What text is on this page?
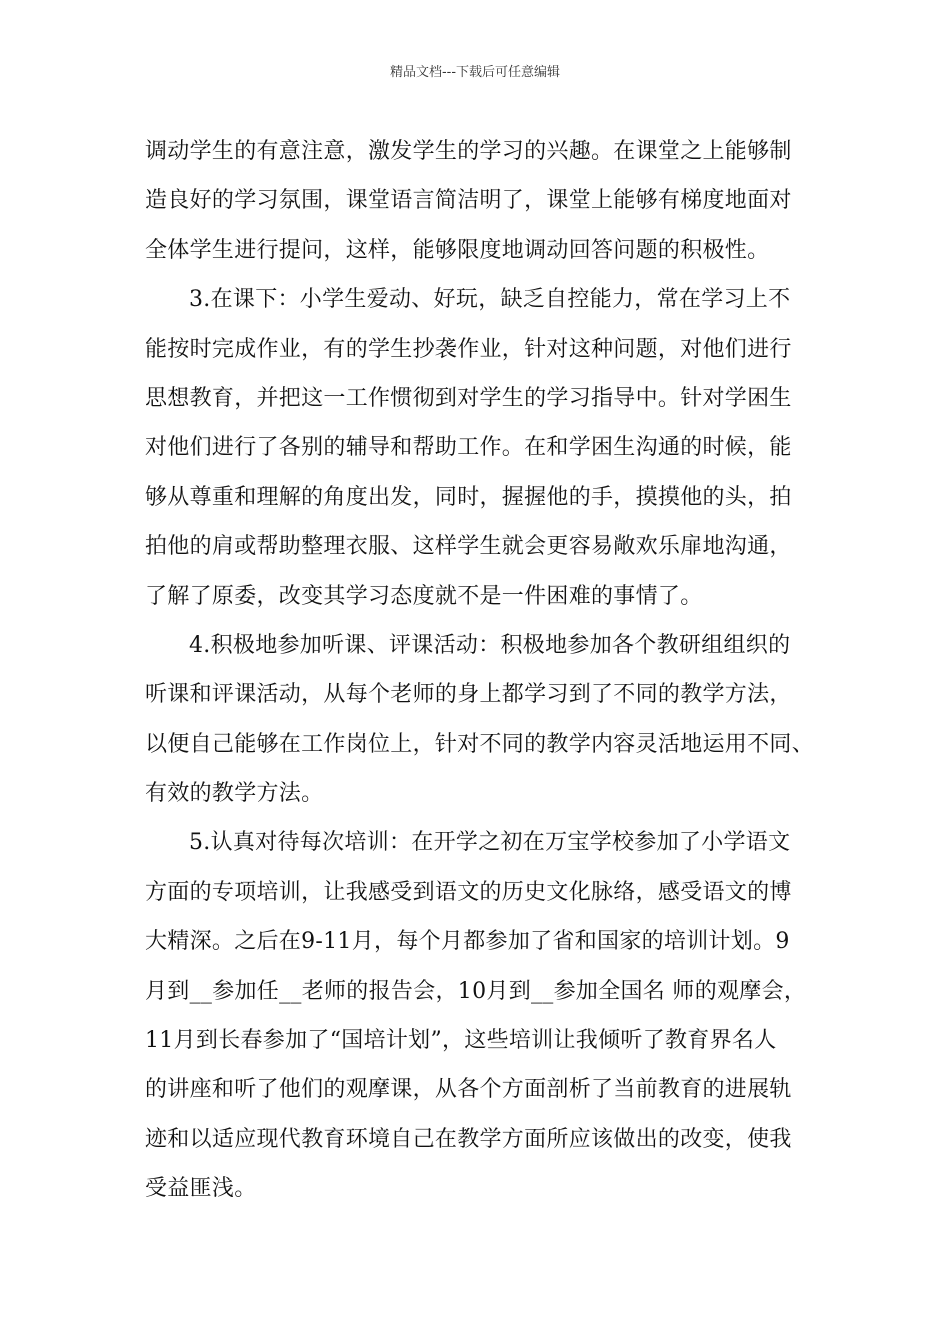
精品文档---下载后可任意编辑
调动学生的有意注意，激发学生的学习的兴趣。在课堂之上能够制
造良好的学习氛围，课堂语言简洁明了，课堂上能够有梯度地面对
全体学生进行提问，这样，能够限度地调动回答问题的积极性。
3.在课下：小学生爱动、好玩，缺乏自控能力，常在学习上不
能按时完成作业，有的学生抄袭作业，针对这种问题，对他们进行
思想教育，并把这一工作惯彻到对学生的学习指导中。针对学困生
对他们进行了各别的辅导和帮助工作。在和学困生沟通的时候，能
够从尊重和理解的角度出发，同时，握握他的手，摸摸他的头，拍
拍他的肩或帮助整理衣服、这样学生就会更容易敞欢乐扉地沟通，
了解了原委，改变其学习态度就不是一件困难的事情了。
4.积极地参加听课、评课活动：积极地参加各个教研组组织的
听课和评课活动，从每个老师的身上都学习到了不同的教学方法，
以便自己能够在工作岗位上，针对不同的教学内容灵活地运用不同、
有效的教学方法。
5.认真对待每次培训：在开学之初在万宝学校参加了小学语文
方面的专项培训，让我感受到语文的历史文化脉络，感受语文的博
大精深。之后在9-11月，每个月都参加了省和国家的培训计划。9
月到__参加任__老师的报告会，10月到__参加全国名 师的观摩会，
11月到长春参加了“国培计划”，这些培训让我倾听了教育界名人
的讲座和听了他们的观摩课，从各个方面剖析了当前教育的进展轨
迹和以适应现代教育环境自己在教学方面所应该做出的改变，使我
受益匪浅。
